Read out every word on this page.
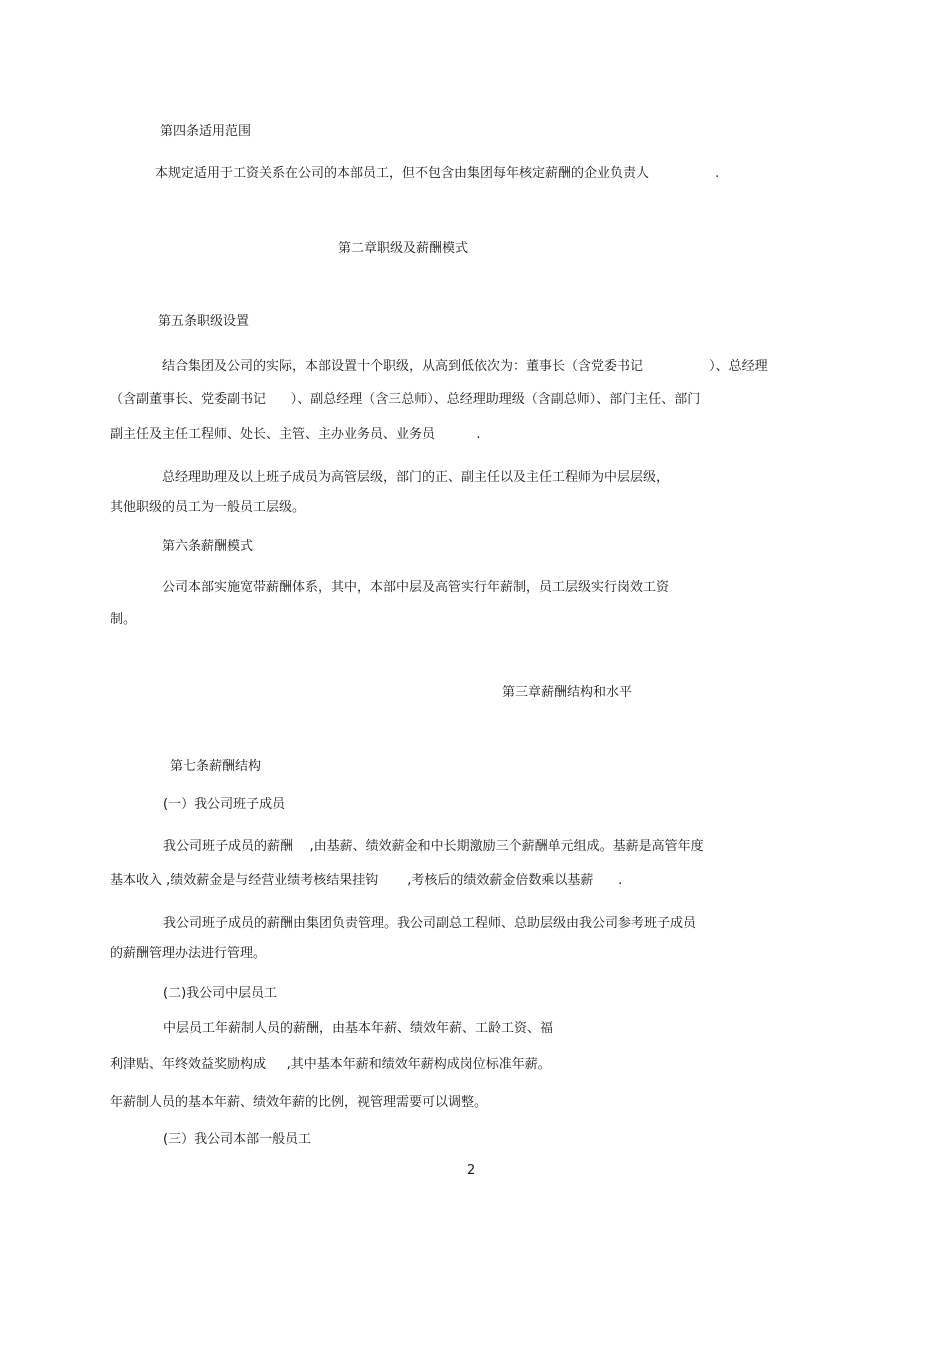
第四条适用范围
本规定适用于工资关系在公司的本部员工，但不包含由集团每年核定薪酬的企业负责人                .
第二章职级及薪酬模式
第五条职级设置
结合集团及公司的实际，本部设置十个职级，从高到低依次为：董事长（含党委书记                ）、总经理
（含副董事长、党委副书记      ）、副总经理（含三总师）、总经理助理级（含副总师）、部门主任、部门
副主任及主任工程师、处长、主管、主办业务员、业务员          .
总经理助理及以上班子成员为高管层级，部门的正、副主任以及主任工程师为中层层级，
其他职级的员工为一般员工层级。
第六条薪酬模式
公司本部实施宽带薪酬体系，其中，本部中层及高管实行年薪制，员工层级实行岗效工资
制。
第三章薪酬结构和水平
第七条薪酬结构
(一）我公司班子成员
我公司班子成员的薪酬    ,由基薪、绩效薪金和中长期激励三个薪酬单元组成。基薪是高管年度
基本收入 ,绩效薪金是与经营业绩考核结果挂钩       ,考核后的绩效薪金倍数乘以基薪      .
我公司班子成员的薪酬由集团负责管理。我公司副总工程师、总助层级由我公司参考班子成员
的薪酬管理办法进行管理。
(二)我公司中层员工
中层员工年薪制人员的薪酬，由基本年薪、绩效年薪、工龄工资、福
利津贴、年终效益奖励构成     ,其中基本年薪和绩效年薪构成岗位标准年薪。
年薪制人员的基本年薪、绩效年薪的比例，视管理需要可以调整。
(三）我公司本部一般员工
2
